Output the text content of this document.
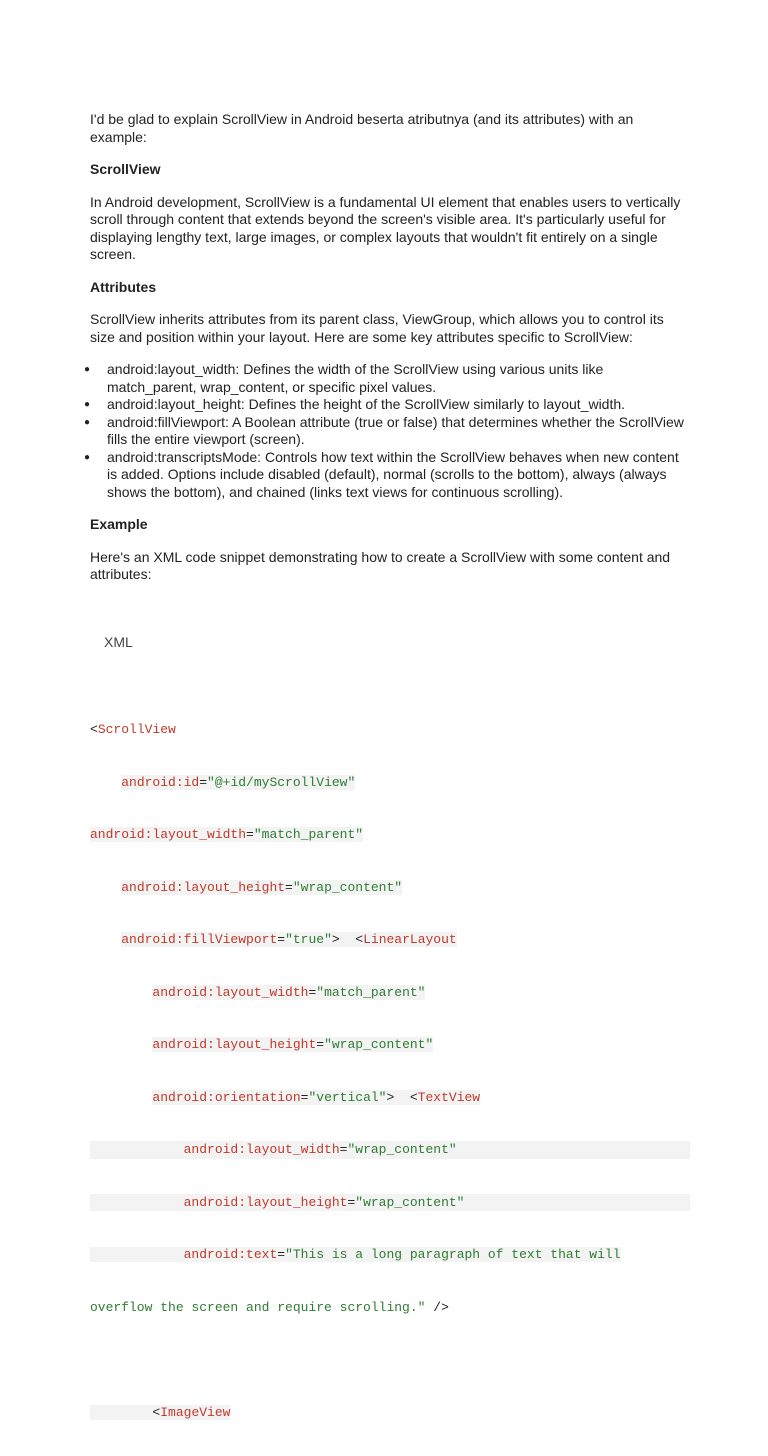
I'd be glad to explain ScrollView in Android beserta atributnya (and its attributes) with an example:

ScrollView

In Android development, ScrollView is a fundamental UI element that enables users to vertically scroll through content that extends beyond the screen's visible area. It's particularly useful for displaying lengthy text, large images, or complex layouts that wouldn't fit entirely on a single screen.

Attributes

ScrollView inherits attributes from its parent class, ViewGroup, which allows you to control its size and position within your layout. Here are some key attributes specific to ScrollView:

● android:layout_width: Defines the width of the ScrollView using various units like match_parent, wrap_content, or specific pixel values.
● android:layout_height: Defines the height of the ScrollView similarly to layout_width.
● android:fillViewport: A Boolean attribute (true or false) that determines whether the ScrollView fills the entire viewport (screen).
● android:transcriptsMode: Controls how text within the ScrollView behaves when new content is added. Options include disabled (default), normal (scrolls to the bottom), always (always shows the bottom), and chained (links text views for continuous scrolling).

Example

Here's an XML code snippet demonstrating how to create a ScrollView with some content and attributes:

XML

<ScrollView

android:id="@+id/myScrollView"

android:layout_width="match_parent"

android:layout_height="wrap_content"

android:fillViewport="true">  <LinearLayout

android:layout_width="match_parent"

android:layout_height="wrap_content"

android:orientation="vertical">  <TextView

android:layout_width="wrap_content"

android:layout_height="wrap_content"

android:text="This is a long paragraph of text that will

overflow the screen and require scrolling." />

<ImageView
